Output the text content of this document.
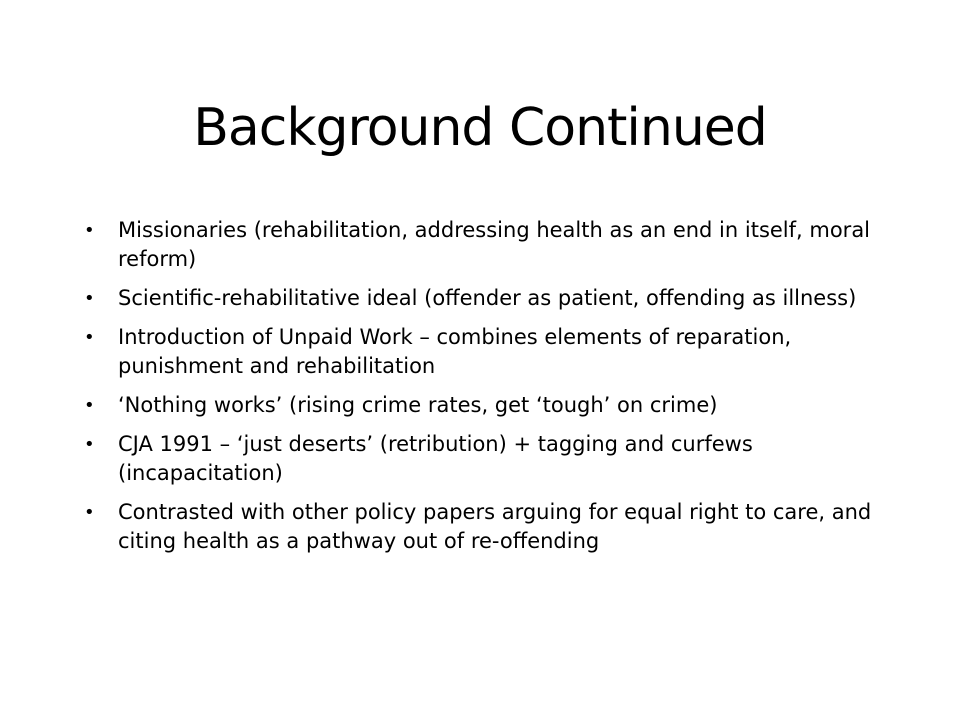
Background Continued
• Missionaries (rehabilitation, addressing health as an end in itself, moral reform)
• Scientific-rehabilitative ideal (offender as patient, offending as illness)
• Introduction of Unpaid Work – combines elements of reparation, punishment and rehabilitation
• ‘Nothing works’ (rising crime rates, get ‘tough’ on crime)
• CJA 1991 – ‘just deserts’ (retribution) + tagging and curfews (incapacitation)
• Contrasted with other policy papers arguing for equal right to care, and citing health as a pathway out of re-offending
